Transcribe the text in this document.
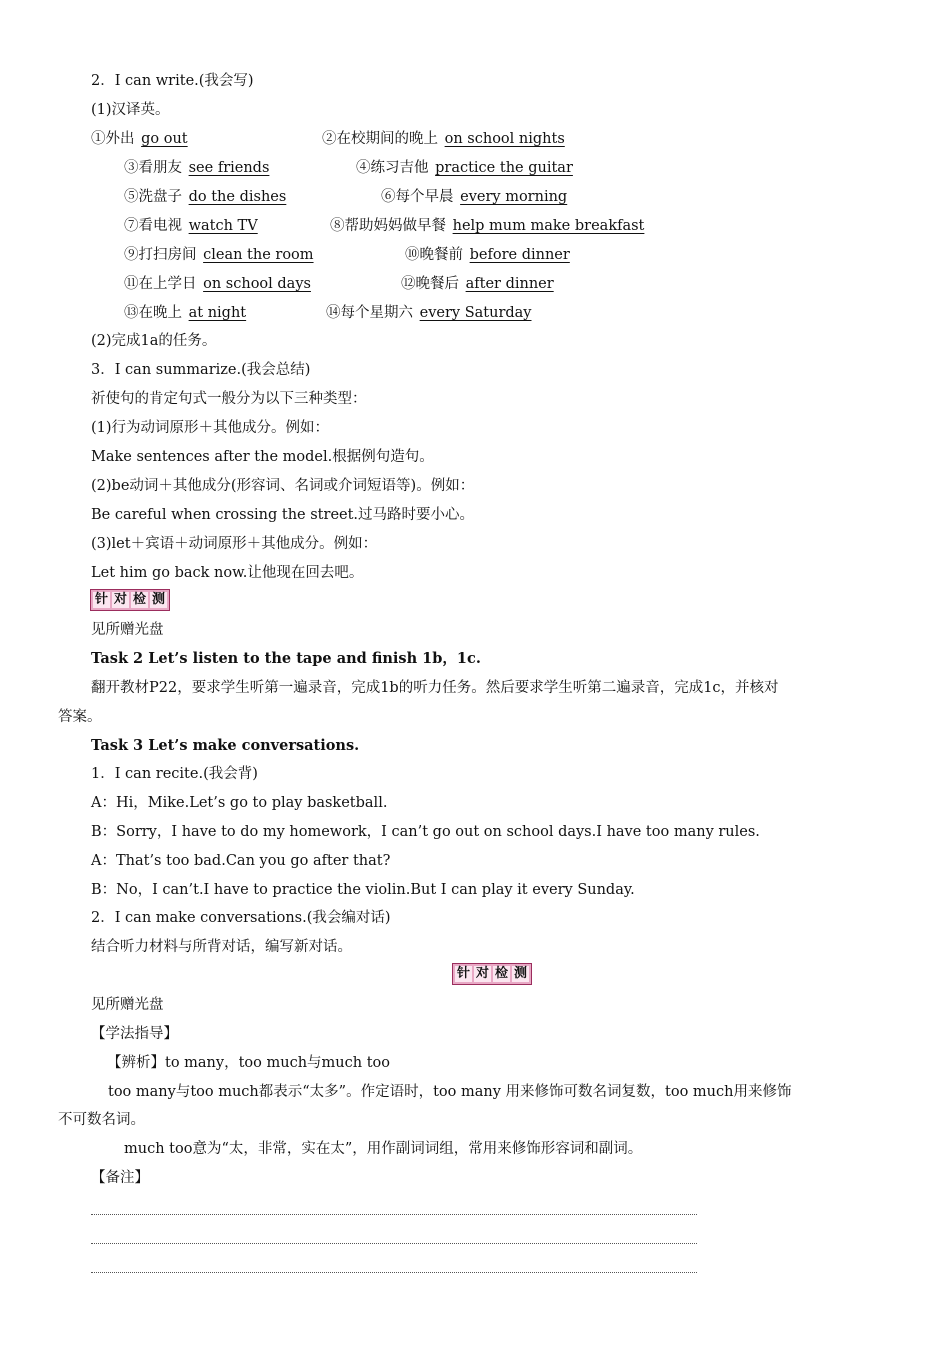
2．I can write.(我会写)
(1)汉译英。
①外出 go out	②在校期间的晚上 on school nights
③看朋友 see friends	④练习吉他 practice the guitar
⑤洗盘子 do the dishes	⑥每个早晨 every morning
⑦看电视 watch TV	⑧帮助妈妈做早餐 help mum make breakfast
⑨打扫房间 clean the room	⑩晚餐前 before dinner
⑪在上学日 on school days	⑫晚餐后 after dinner
⑬在晚上 at night	⑭每个星期六 every Saturday
(2)完成1a的任务。
3．I can summarize.(我会总结)
祈使句的肯定句式一般分为以下三种类型：
(1)行为动词原形＋其他成分。例如：
Make sentences after the model.根据例句造句。
(2)be动词＋其他成分(形容词、名词或介词短语等)。例如：
Be careful when crossing the street.过马路时要小心。
(3)let＋宾语＋动词原形＋其他成分。例如：
Let him go back now.让他现在回去吧。
针 对 检 测
见所赠光盘
Task 2 Let’s listen to the tape and finish 1b，1c.
翻开教材P22，要求学生听第一遍录音，完成1b的听力任务。然后要求学生听第二遍录音，完成1c，并核对
答案。
Task 3 Let’s make conversations.
1．I can recite.(我会背)
A：Hi，Mike.Let’s go to play basketball.
B：Sorry，I have to do my homework，I can’t go out on school days.I have too many rules.
A：That’s too bad.Can you go after that?
B：No，I can’t.I have to practice the violin.But I can play it every Sunday.
2．I can make conversations.(我会编对话)
结合听力材料与所背对话，编写新对话。
针 对 检 测
见所赠光盘
【学法指导】
【辨析】to many，too much与much too
too many与too much都表示“太多”。作定语时，too many 用来修饰可数名词复数，too much用来修饰
不可数名词。
much too意为“太，非常，实在太”，用作副词词组，常用来修饰形容词和副词。
【备注】
